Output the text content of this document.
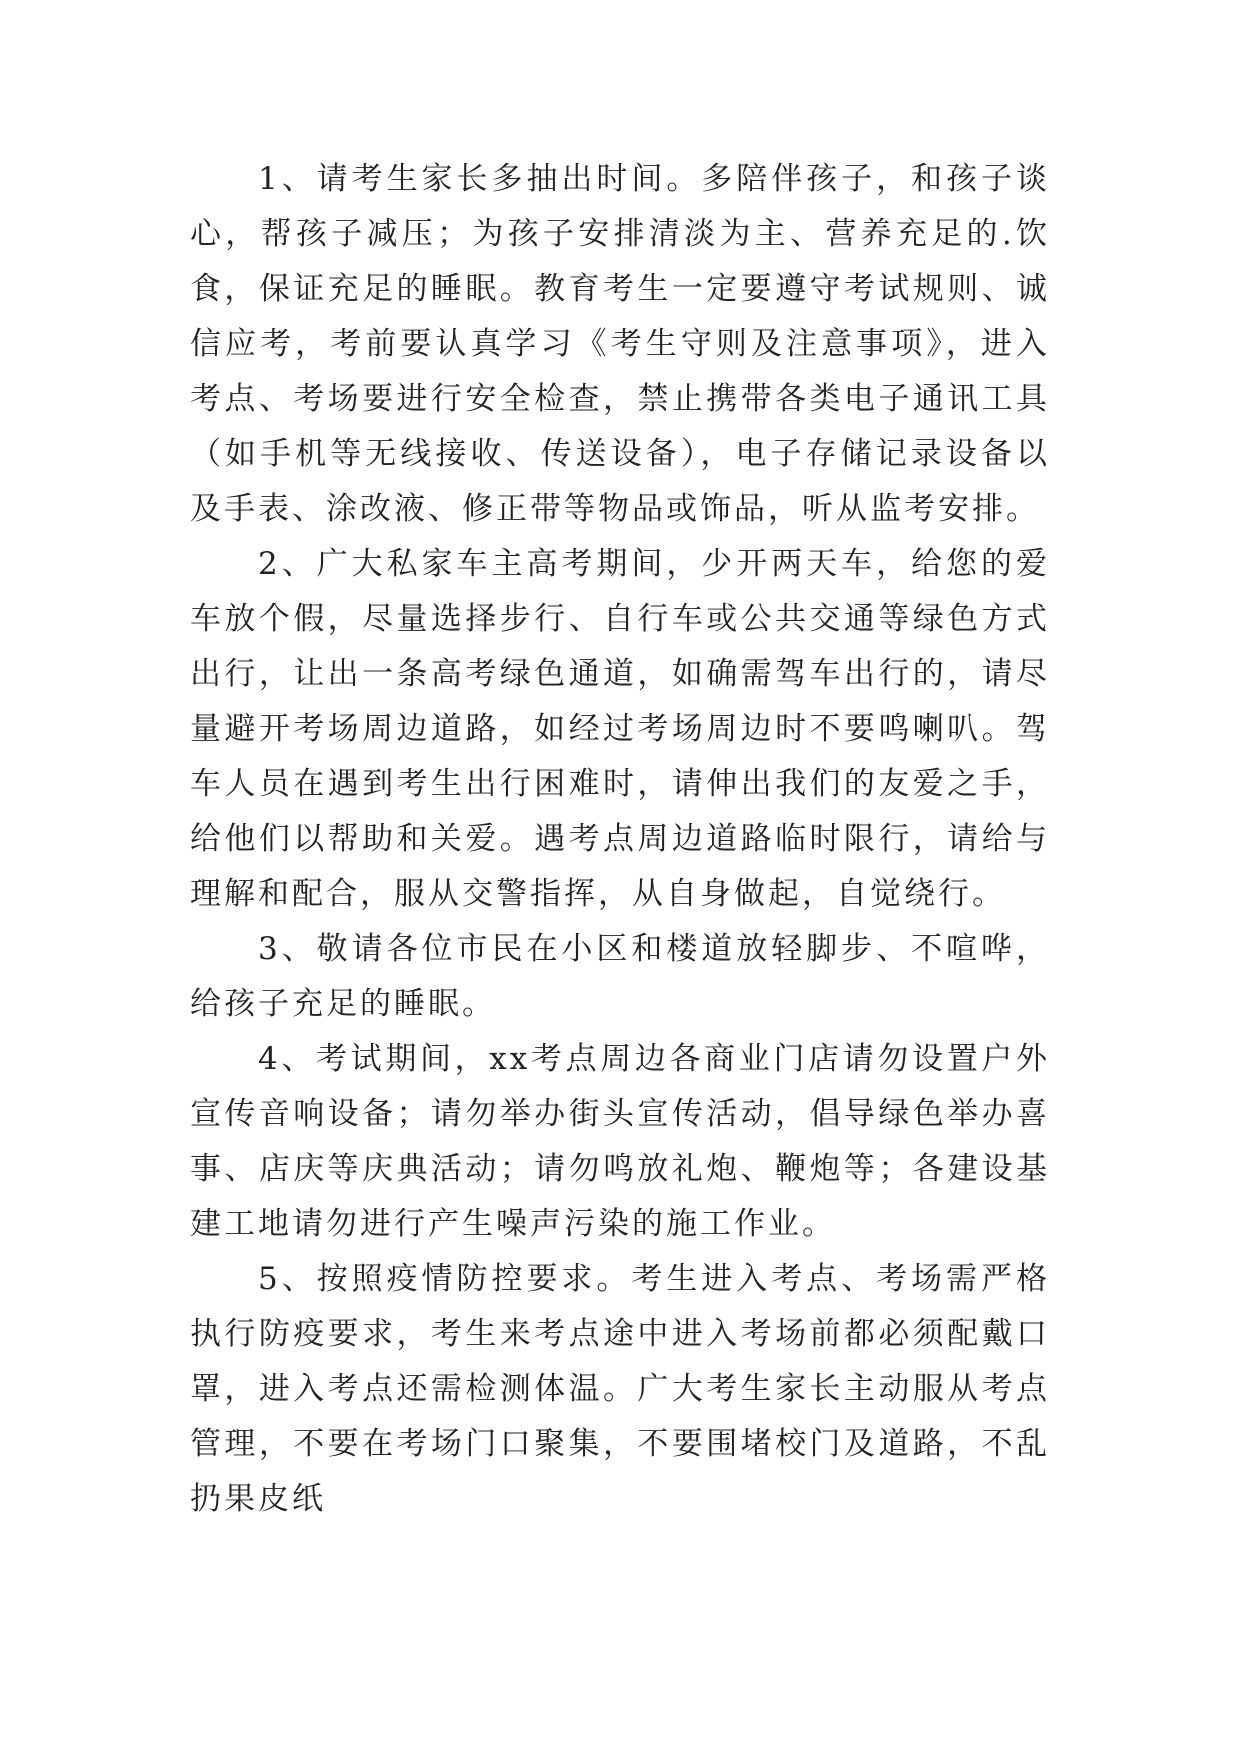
1、请考生家长多抽出时间。多陪伴孩子，和孩子谈心，帮孩子减压；为孩子安排清淡为主、营养充足的.饮食，保证充足的睡眠。教育考生一定要遵守考试规则、诚信应考，考前要认真学习《考生守则及注意事项》，进入考点、考场要进行安全检查，禁止携带各类电子通讯工具（如手机等无线接收、传送设备），电子存储记录设备以及手表、涂改液、修正带等物品或饰品，听从监考安排。

2、广大私家车主高考期间，少开两天车，给您的爱车放个假，尽量选择步行、自行车或公共交通等绿色方式出行，让出一条高考绿色通道，如确需驾车出行的，请尽量避开考场周边道路，如经过考场周边时不要鸣喇叭。驾车人员在遇到考生出行困难时，请伸出我们的友爱之手，给他们以帮助和关爱。遇考点周边道路临时限行，请给与理解和配合，服从交警指挥，从自身做起，自觉绕行。

3、敬请各位市民在小区和楼道放轻脚步、不喧哗，给孩子充足的睡眠。

4、考试期间，xx考点周边各商业门店请勿设置户外宣传音响设备；请勿举办街头宣传活动，倡导绿色举办喜事、店庆等庆典活动；请勿鸣放礼炮、鞭炮等；各建设基建工地请勿进行产生噪声污染的施工作业。

5、按照疫情防控要求。考生进入考点、考场需严格执行防疫要求，考生来考点途中进入考场前都必须配戴口罩，进入考点还需检测体温。广大考生家长主动服从考点管理，不要在考场门口聚集，不要围堵校门及道路，不乱扔果皮纸
